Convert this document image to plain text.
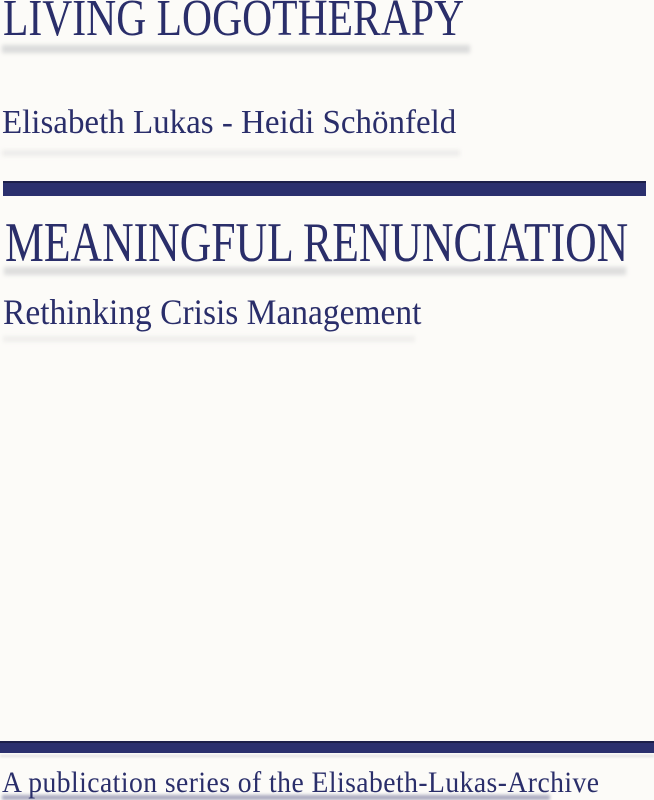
LIVING LOGOTHERAPY
Elisabeth Lukas - Heidi Schönfeld
MEANINGFUL RENUNCIATION
Rethinking Crisis Management
A publication series of the Elisabeth-Lukas-Archive
